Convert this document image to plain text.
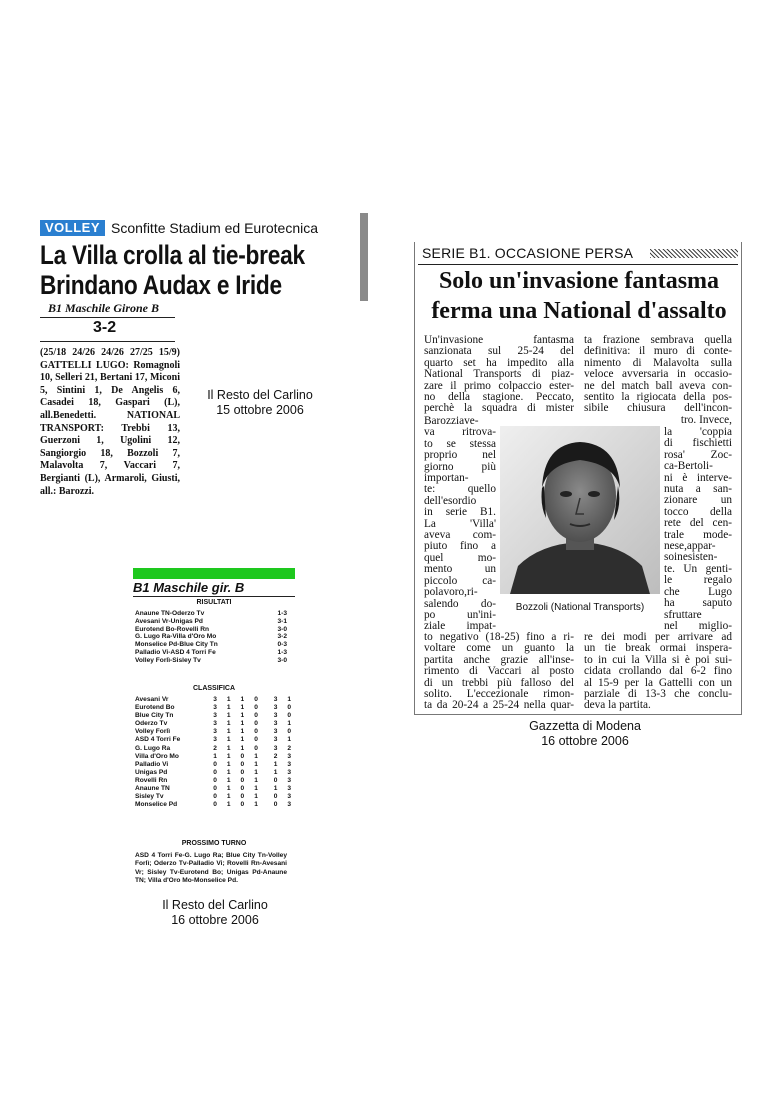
VOLLEY Sconfitte Stadium ed Eurotecnica
La Villa crolla al tie-break
Brindano Audax e Iride
B1 Maschile Girone B
3-2
(25/18 24/26 24/26 27/25 15/9) GATTELLI LUGO: Romagnoli 10, Selleri 21, Bertani 17, Miconi 5, Sintini 1, De Angelis 6, Casadei 18, Gaspari (L), all.Benedetti. NATIONAL TRANSPORT: Trebbi 13, Guerzoni 1, Ugolini 12, Sangiorgio 18, Bozzoli 7, Malavolta 7, Vaccari 7, Bergianti (L), Armaroli, Giusti, all.: Barozzi.
Il Resto del Carlino
15 ottobre 2006
B1 Maschile gir. B
RISULTATI
Anaune TN-Oderzo Tv	1-3
Avesani Vr-Unigas Pd	3-1
Eurotend Bo-Rovelli Rn	3-0
G. Lugo Ra-Villa d'Oro Mo	3-2
Monselice Pd-Blue City Tn	0-3
Palladio Vi-ASD 4 Torri Fe	1-3
Volley Forlì-Sisley Tv	3-0
CLASSIFICA
Avesani Vr	3	1	1	0	3	1
Eurotend Bo	3	1	1	0	3	0
Blue City Tn	3	1	1	0	3	0
Oderzo Tv	3	1	1	0	3	1
Volley Forlì	3	1	1	0	3	0
ASD 4 Torri Fe	3	1	1	0	3	1
G. Lugo Ra	2	1	1	0	3	2
Villa d'Oro Mo	1	1	0	1	2	3
Palladio Vi	0	1	0	1	1	3
Unigas Pd	0	1	0	1	1	3
Rovelli Rn	0	1	0	1	0	3
Anaune TN	0	1	0	1	1	3
Sisley Tv	0	1	0	1	0	3
Monselice Pd	0	1	0	1	0	3
PROSSIMO TURNO
ASD 4 Torri Fe-G. Lugo Ra; Blue City Tn-Volley Forlì; Oderzo Tv-Palladio Vi; Rovelli Rn-Avesani Vr; Sisley Tv-Eurotend Bo; Unigas Pd-Anaune TN; Villa d'Oro Mo-Monselice Pd.
Il Resto del Carlino
16 ottobre 2006
SERIE B1. OCCASIONE PERSA
Solo un'invasione fantasma
ferma una National d'assalto
Un'invasione fantasma
sanzionata sul 25-24 del
quarto set ha impedito alla
National Transports di piaz-
zare il primo colpaccio ester-
no della stagione. Peccato,
perchè la squadra di mister
Barozziave-
va ritrova-
to se stessa
proprio nel
giorno più
importan-
te: quello
dell'esordio
in serie B1.
La 'Villa'
aveva com-
piuto fino a
quel mo-
mento un
piccolo ca-
polavoro,ri-
salendo do-
po un'ini-
ziale impat-
to negativo (18-25) fino a ri-
voltare come un guanto la
partita anche grazie all'inse-
rimento di Vaccari al posto
di un trebbi più falloso del
solito. L'eccezionale rimon-
ta da 20-24 a 25-24 nella quar-
ta frazione sembrava quella
definitiva: il muro di conte-
nimento di Malavolta sulla
veloce avversaria in occasio-
ne del match ball aveva con-
sentito la rigiocata della pos-
sibile chiusura dell'incon-
tro. Invece,
la 'coppia
di fischietti
rosa' Zoc-
ca-Bertoli-
ni è interve-
nuta a san-
zionare un
tocco della
rete del cen-
trale mode-
nese,appar-
soinesisten-
te. Un genti-
le regalo
che Lugo
ha saputo
sfruttare
nel miglio-
re dei modi per arrivare ad
un tie break ormai inspera-
to in cui la Villa si è poi sui-
cidata crollando dal 6-2 fino
al 15-9 per la Gattelli con un
parziale di 13-3 che conclu-
deva la partita.
Bozzoli (National Transports)
Gazzetta di Modena
16 ottobre 2006
